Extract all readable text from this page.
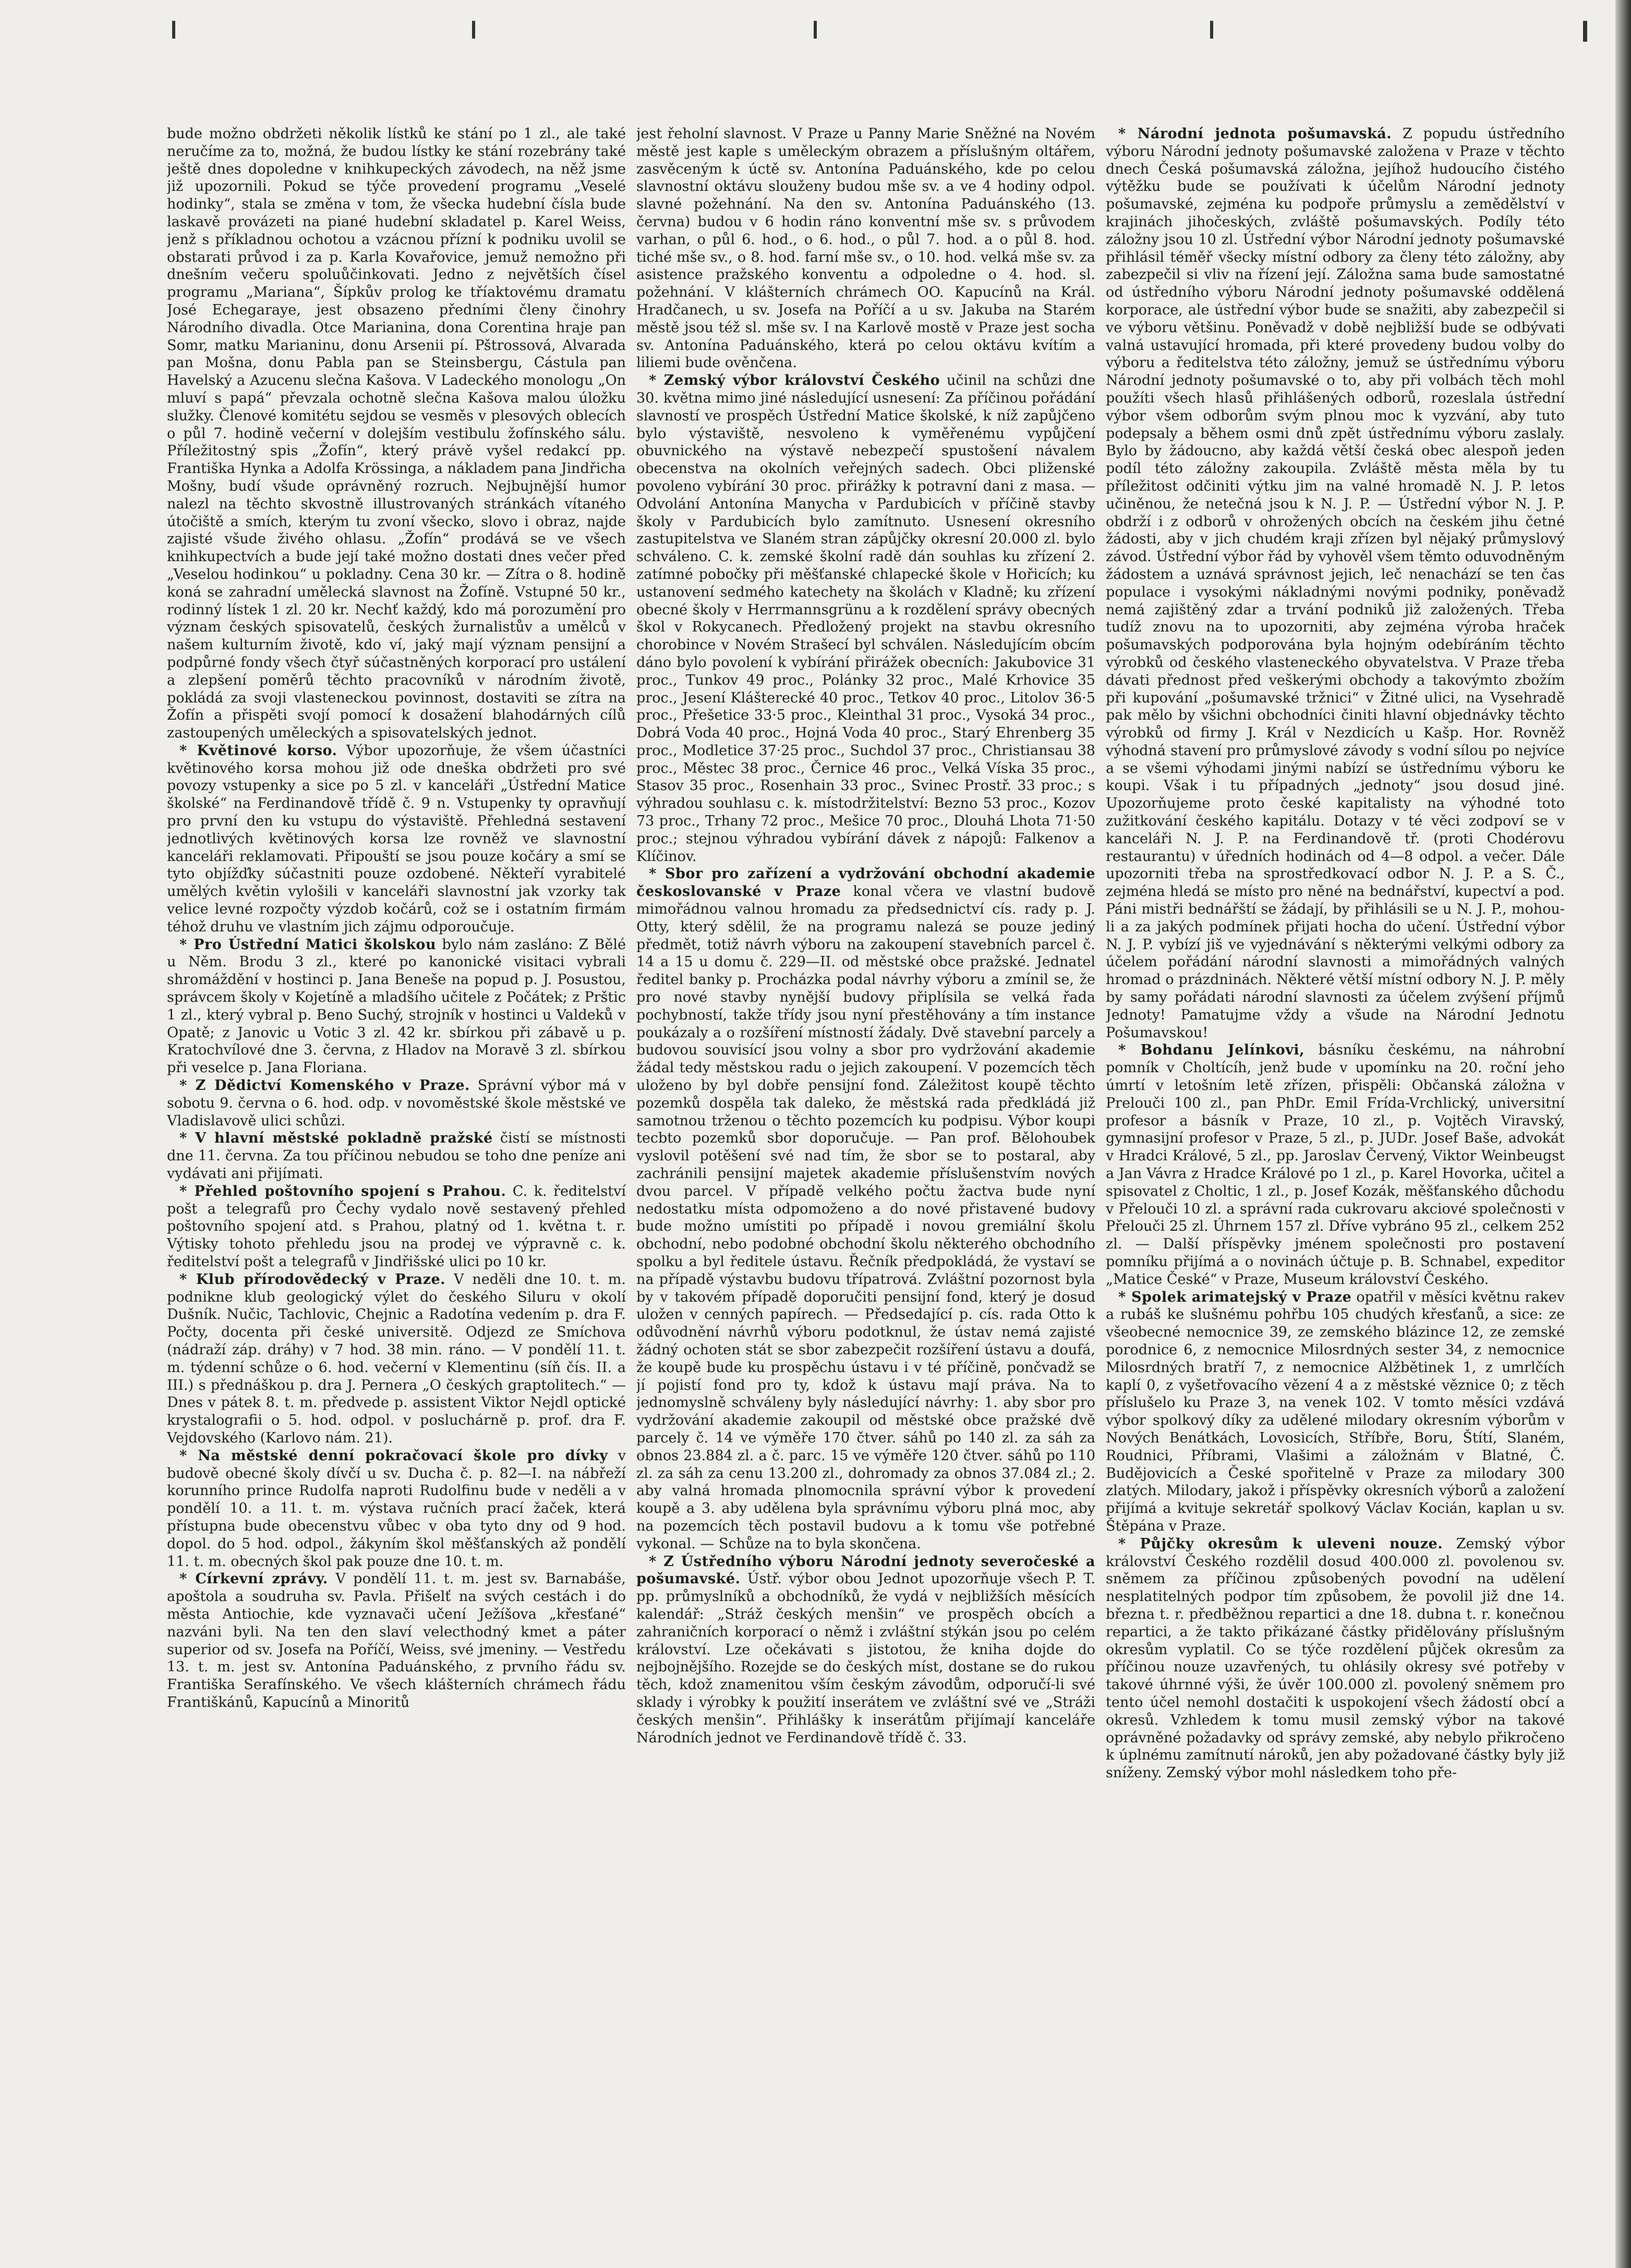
bude možno obdržeti několik lístků ke stání po 1 zl., ale také neručíme za to, možná, že budou lístky ke stání rozebrány také ještě dnes dopoledne v knihkupeckých závodech, na něž jsme již upozornili. Pokud se týče provedení programu „Veselé hodinky“, stala se změna v tom, že všecka hudební čísla bude laskavě provázeti na piané hudební skladatel p. Karel Weiss, jenž s příkladnou ochotou a vzácnou přízní k podniku uvolil se obstarati průvod i za p. Karla Kovařovice, jemuž nemožno při dnešním večeru spoluůčinkovati. Jedno z největších čísel programu „Mariana“, Šípkův prolog ke tříaktovému dramatu José Echegaraye, jest obsazeno předními členy činohry Národního divadla. Otce Marianina, dona Corentina hraje pan Somr, matku Marianinu, donu Arsenii pí. Pštrossová, Alvarada pan Mošna, donu Pabla pan se Steinsbergu, Cástula pan Havelský a Azucenu slečna Kašova. V Ladeckého monologu „On mluví s papá“ převzala ochotně slečna Kašova malou úložku služky. Členové komitétu sejdou se vesměs v plesových oblecích o půl 7. hodině večerní v dolejším vestibulu žofínského sálu. Příležitostný spis „Žofín“, který právě vyšel redakcí pp. Františka Hynka a Adolfa Krössinga, a nákladem pana Jindřicha Mošny, budí všude oprávněný rozruch. Nejbujnější humor nalezl na těchto skvostně illustrovaných stránkách vítaného útočiště a smích, kterým tu zvoní všecko, slovo i obraz, najde zajisté všude živého ohlasu. „Žofín“ prodává se ve všech knihkupectvích a bude její také možno dostati dnes večer před „Veselou hodinkou“ u pokladny. Cena 30 kr. — Zítra o 8. hodině koná se zahradní umělecká slavnost na Žofíně. Vstupné 50 kr., rodinný lístek 1 zl. 20 kr. Nechť každý, kdo má porozumění pro význam českých spisovatelů, českých žurnalistův a umělců v našem kulturním životě, kdo ví, jaký mají význam pensijní a podpůrné fondy všech čtyř súčastněných korporací pro ustálení a zlepšení poměrů těchto pracovníků v národním životě, pokládá za svoji vlasteneckou povinnost, dostaviti se zítra na Žofín a přispěti svojí pomocí k dosažení blahodárných cílů zastoupených uměleckých a spisovatelských jednot.

* Květinové korso. Výbor upozorňuje, že všem účastníci květinového korsa mohou již ode dneška obdržeti pro své povozy vstupenky a sice po 5 zl. v kanceláři „Ústřední Matice školské“ na Ferdinandově třídě č. 9 n. Vstupenky ty opravňují pro první den ku vstupu do výstaviště. Přehledná sestavení jednotlivých květinových korsa lze rovněž ve slavnostní kanceláři reklamovati. Připouští se jsou pouze kočáry a smí se tyto objížďky súčastniti pouze ozdobené. Někteří vyrabitelé umělých květin vylošili v kanceláři slavnostní jak vzorky tak velice levné rozpočty výzdob kočárů, což se i ostatním firmám téhož druhu ve vlastním jich zájmu odporoučuje.

* Pro Ústřední Matici školskou bylo nám zasláno: Z Bělé u Něm. Brodu 3 zl., které po kanonické visitaci vybrali shromáždění v hostinci p. Jana Beneše na popud p. J. Posustou, správcem školy v Kojetíně a mladšího učitele z Počátek; z Prštic 1 zl., který vybral p. Beno Suchý, strojník v hostinci u Valdeků v Opatě; z Janovic u Votic 3 zl. 42 kr. sbírkou při zábavě u p. Kratochvílové dne 3. června, z Hladov na Moravě 3 zl. sbírkou při veselce p. Jana Floriana.

* Z Dědictví Komenského v Praze. Správní výbor má v sobotu 9. června o 6. hod. odp. v novoměstské škole městské ve Vladislavově ulici schůzi.

* V hlavní městské pokladně pražské čistí se místnosti dne 11. června. Za tou příčinou nebudou se toho dne peníze ani vydávati ani přijímati.

* Přehled poštovního spojení s Prahou. C. k. ředitelství pošt a telegrafů pro Čechy vydalo nově sestavený přehled poštovního spojení atd. s Prahou, platný od 1. května t. r. Výtisky tohoto přehledu jsou na prodej ve výpravně c. k. ředitelství pošt a telegrafů v Jindřišské ulici po 10 kr.

* Klub přírodovědecký v Praze. V neděli dne 10. t. m. podnikne klub geologický výlet do českého Siluru v okolí Dušník. Nučic, Tachlovic, Chejnic a Radotína vedením p. dra F. Počty, docenta při české universitě. Odjezd ze Smíchova (nádraží záp. dráhy) v 7 hod. 38 min. ráno. — V pondělí 11. t. m. týdenní schůze o 6. hod. večerní v Klementinu (síň čís. II. a III.) s přednáškou p. dra J. Pernera „O českých graptolitech.“ — Dnes v pátek 8. t. m. předvede p. assistent Viktor Nejdl optické krystalografii o 5. hod. odpol. v posluchárně p. prof. dra F. Vejdovského (Karlovo nám. 21).

* Na městské denní pokračovací škole pro dívky v budově obecné školy dívčí u sv. Ducha č. p. 82—I. na nábřeží korunního prince Rudolfa naproti Rudolfinu bude v neděli a v pondělí 10. a 11. t. m. výstava ručních prací žaček, která přístupna bude obecenstvu vůbec v oba tyto dny od 9 hod. dopol. do 5 hod. odpol., žákyním škol měšťanských až pondělí 11. t. m. obecných škol pak pouze dne 10. t. m.

* Církevní zprávy. V pondělí 11. t. m. jest sv. Barnabáše, apoštola a soudruha sv. Pavla. Přišelť na svých cestách i do města Antiochie, kde vyznavači učení Ježíšova „křesťané“ nazváni byli. Na ten den slaví velecthodný kmet a páter superior od sv. Josefa na Poříčí, Weiss, své jmeniny. — Vestředu 13. t. m. jest sv. Antonína Paduánského, z prvního řádu sv. Františka Serafínského. Ve všech klášterních chrámech řádu Františkánů, Kapucínů a Minoritů

jest řeholní slavnost. V Praze u Panny Marie Sněžné na Novém městě jest kaple s uměleckým obrazem a příslušným oltářem, zasvěceným k úctě sv. Antonína Paduánského, kde po celou slavnostní oktávu slouženy budou mše sv. a ve 4 hodiny odpol. slavné požehnání. Na den sv. Antonína Paduánského (13. června) budou v 6 hodin ráno konventní mše sv. s průvodem varhan, o půl 6. hod., o 6. hod., o půl 7. hod. a o půl 8. hod. tiché mše sv., o 8. hod. farní mše sv., o 10. hod. velká mše sv. za asistence pražského konventu a odpoledne o 4. hod. sl. požehnání. V klášterních chrámech OO. Kapucínů na Král. Hradčanech, u sv. Josefa na Poříčí a u sv. Jakuba na Starém městě jsou též sl. mše sv. I na Karlově mostě v Praze jest socha sv. Antonína Paduánského, která po celou oktávu kvítím a liliemi bude ověnčena.

* Zemský výbor království Českého učinil na schůzi dne 30. května mimo jiné následující usnesení: Za příčinou pořádání slavností ve prospěch Ústřední Matice školské, k níž zapůjčeno bylo výstaviště, nesvoleno k vyměřenému vypůjčení obuvnického na výstavě nebezpečí spustošení návalem obecenstva na okolních veřejných sadech. Obci pliženské povoleno vybírání 30 proc. přirážky k potravní dani z masa. — Odvolání Antonína Manycha v Pardubicích v příčině stavby školy v Pardubicích bylo zamítnuto. Usnesení okresního zastupitelstva ve Slaném stran zápůjčky okresní 20.000 zl. bylo schváleno. C. k. zemské školní radě dán souhlas ku zřízení 2. zatímné pobočky při měšťanské chlapecké škole v Hořicích; ku ustanovení sedmého katechety na školách v Kladně; ku zřízení obecné školy v Herrmannsgrünu a k rozdělení správy obecných škol v Rokycanech. Předložený projekt na stavbu okresního chorobince v Novém Strašecí byl schválen. Následujícím obcím dáno bylo povolení k vybírání přirážek obecních: Jakubovice 31 proc., Tunkov 49 proc., Polánky 32 proc., Malé Krhovice 35 proc., Jesení Klášterecké 40 proc., Tetkov 40 proc., Litolov 36·5 proc., Přešetice 33·5 proc., Kleinthal 31 proc., Vysoká 34 proc., Dobrá Voda 40 proc., Hojná Voda 40 proc., Starý Ehrenberg 35 proc., Modletice 37·25 proc., Suchdol 37 proc., Christiansau 38 proc., Městec 38 proc., Černice 46 proc., Velká Víska 35 proc., Stasov 35 proc., Rosenhain 33 proc., Svinec Prostř. 33 proc.; s výhradou souhlasu c. k. místodržitelství: Bezno 53 proc., Kozov 73 proc., Trhany 72 proc., Mešice 70 proc., Dlouhá Lhota 71·50 proc.; stejnou výhradou vybírání dávek z nápojů: Falkenov a Klíčinov.

* Sbor pro zařízení a vydržování obchodní akademie českoslovanské v Praze konal včera ve vlastní budově mimořádnou valnou hromadu za předsednictví cís. rady p. J. Otty, který sdělil, že na programu nalezá se pouze jediný předmět, totiž návrh výboru na zakoupení stavebních parcel č. 14 a 15 u domu č. 229—II. od městské obce pražské. Jednatel ředitel banky p. Procházka podal návrhy výboru a zmínil se, že pro nové stavby nynější budovy připlísila se velká řada pochybností, takže třídy jsou nyní přestěhovány a tím instance poukázaly a o rozšíření místností žádaly. Dvě stavební parcely a budovou souvisící jsou volny a sbor pro vydržování akademie žádal tedy městskou radu o jejich zakoupení. V pozemcích těch uloženo by byl dobře pensijní fond. Záležitost koupě těchto pozemků dospěla tak daleko, že městská rada předkládá již samotnou trženou o těchto pozemcích ku podpisu. Výbor koupi tecbto pozemků sbor doporučuje. — Pan prof. Bělohoubek vyslovil potěšení své nad tím, že sbor se to postaral, aby zachránili pensijní majetek akademie příslušenstvím nových dvou parcel. V případě velkého počtu žactva bude nyní nedostatku místa odpomoženo a do nové přistavené budovy bude možno umístiti po případě i novou gremiální školu obchodní, nebo podobné obchodní školu některého obchodního spolku a byl ředitele ústavu. Řečník předpokládá, že vystaví se na případě výstavbu budovu třípatrová. Zvláštní pozornost byla by v takovém případě doporučiti pensijní fond, který je dosud uložen v cenných papírech. — Předsedající p. cís. rada Otto k odůvodnění návrhů výboru podotknul, že ústav nemá zajisté žádný ochoten stát se sbor zabezpečit rozšíření ústavu a doufá, že koupě bude ku prospěchu ústavu i v té příčině, pončvadž se jí pojistí fond pro ty, kdož k ústavu mají práva. Na to jednomyslně schváleny byly následující návrhy: 1. aby sbor pro vydržování akademie zakoupil od městské obce pražské dvě parcely č. 14 ve výměře 170 čtver. sáhů po 140 zl. za sáh za obnos 23.884 zl. a č. parc. 15 ve výměře 120 čtver. sáhů po 110 zl. za sáh za cenu 13.200 zl., dohromady za obnos 37.084 zl.; 2. aby valná hromada plnomocnila správní výbor k provedení koupě a 3. aby udělena byla správnímu výboru plná moc, aby na pozemcích těch postavil budovu a k tomu vše potřebné vykonal. — Schůze na to byla skončena.

* Z Ústředního výboru Národní jednoty severočeské a pošumavské. Ústř. výbor obou Jednot upozorňuje všech P. T. pp. průmyslníků a obchodníků, že vydá v nejbližších měsících kalendář: „Stráž českých menšin“ ve prospěch obcích a zahraničních korporací o němž i zvláštní stýkán jsou po celém království. Lze očekávati s jistotou, že kniha dojde do nejbojnějšího. Rozejde se do českých míst, dostane se do rukou těch, kdož znamenitou vším českým závodům, odporučí-li své sklady i výrobky k použití inserátem ve zvláštní své ve „Stráži českých menšin“. Přihlášky k inserátům přijímají kanceláře Národních jednot ve Ferdinandově třídě č. 33.

* Národní jednota pošumavská. Z popudu ústředního výboru Národní jednoty pošumavské založena v Praze v těchto dnech Česká pošumavská záložna, jejíhož hudoucího čistého výtěžku bude se používati k účelům Národní jednoty pošumavské, zejména ku podpoře průmyslu a zemědělství v krajinách jihočeských, zvláště pošumavských. Podíly této záložny jsou 10 zl. Ústřední výbor Národní jednoty pošumavské přihlásil téměř všecky místní odbory za členy této záložny, aby zabezpečil si vliv na řízení její. Záložna sama bude samostatné od ústředního výboru Národní jednoty pošumavské oddělená korporace, ale ústřední výbor bude se snažiti, aby zabezpečil si ve výboru většinu. Poněvadž v době nejbližší bude se odbývati valná ustavující hromada, při které provedeny budou volby do výboru a ředitelstva této záložny, jemuž se ústřednímu výboru Národní jednoty pošumavské o to, aby při volbách těch mohl použíti všech hlasů přihlášených odborů, rozeslala ústřední výbor všem odborům svým plnou moc k vyzvání, aby tuto podepsaly a během osmi dnů zpět ústřednímu výboru zaslaly. Bylo by žádoucno, aby každá větší česká obec alespoň jeden podíl této záložny zakoupila. Zvláště města měla by tu příležitost odčiniti výtku jim na valné hromadě N. J. P. letos učiněnou, že netečná jsou k N. J. P. — Ústřední výbor N. J. P. obdrží i z odborů v ohrožených obcích na českém jihu četné žádosti, aby v jich chudém kraji zřízen byl nějaký průmyslový závod. Ústřední výbor řád by vyhověl všem těmto oduvodněným žádostem a uznává správnost jejich, leč nenachází se ten čas populace i vysokými nákladnými novými podniky, poněvadž nemá zajištěný zdar a trvání podniků již založených. Třeba tudíž znovu na to upozorniti, aby zejména výroba hraček pošumavských podporována byla hojným odebíráním těchto výrobků od českého vlasteneckého obyvatelstva. V Praze třeba dávati přednost před veškerými obchody a takovýmto zbožím při kupování „pošumavské tržnici“ v Žitné ulici, na Vysehradě pak mělo by všichni obchodníci činiti hlavní objednávky těchto výrobků od firmy J. Král v Nezdicích u Kašp. Hor. Rovněž výhodná stavení pro průmyslové závody s vodní sílou po nejvíce a se všemi výhodami jinými nabízí se ústřednímu výboru ke koupi. Však i tu případných „jednoty“ jsou dosud jiné. Upozorňujeme proto české kapitalisty na výhodné toto zužitkování českého kapitálu. Dotazy v té věci zodpoví se v kanceláři N. J. P. na Ferdinandově tř. (proti Chodérovu restaurantu) v úředních hodinách od 4—8 odpol. a večer. Dále upozorniti třeba na sprostředkovací odbor N. J. P. a S. Č., zejména hledá se místo pro něné na bednářství, kupectví a pod. Páni mistři bednářští se žádají, by přihlásili se u N. J. P., mohou-li a za jakých podmínek přijati hocha do učení. Ústřední výbor N. J. P. vybízí jiš ve vyjednávání s některými velkými odbory za účelem pořádání národní slavnosti a mimořádných valných hromad o prázdninách. Některé větší místní odbory N. J. P. měly by samy pořádati národní slavnosti za účelem zvýšení příjmů Jednoty! Pamatujme vždy a všude na Národní Jednotu Pošumavskou!

* Bohdanu Jelínkovi, básníku českému, na náhrobní pomník v Choltícíh, jenž bude v upomínku na 20. roční jeho úmrtí v letošním letě zřízen, přispěli: Občanská záložna v Prelouči 100 zl., pan PhDr. Emil Frída-Vrchlický, universitní profesor a básník v Praze, 10 zl., p. Vojtěch Viravský, gymnasijní profesor v Praze, 5 zl., p. JUDr. Josef Baše, advokát v Hradci Králové, 5 zl., pp. Jaroslav Červený, Viktor Weinbeugst a Jan Vávra z Hradce Králové po 1 zl., p. Karel Hovorka, učitel a spisovatel z Choltic, 1 zl., p. Josef Kozák, měšťanského důchodu v Přelouči 10 zl. a správní rada cukrovaru akciové společnosti v Přelouči 25 zl. Úhrnem 157 zl. Dříve vybráno 95 zl., celkem 252 zl. — Další příspěvky jménem společnosti pro postavení pomníku přijímá a o novinách účtuje p. B. Schnabel, expeditor „Matice České“ v Praze, Museum království Českého.

* Spolek arimatejský v Praze opatřil v měsíci květnu rakev a rubáš ke slušnému pohřbu 105 chudých křesťanů, a sice: ze všeobecné nemocnice 39, ze zemského blázince 12, ze zemské porodnice 6, z nemocnice Milosrdných sester 34, z nemocnice Milosrdných bratří 7, z nemocnice Alžbětinek 1, z umrlčích kaplí 0, z vyšetřovacího vězení 4 a z městské věznice 0; z těch příslušelo ku Praze 3, na venek 102. V tomto měsíci vzdává výbor spolkový díky za udělené milodary okresním výborům v Nových Benátkách, Lovosicích, Stříbře, Boru, Štítí, Slaném, Roudnici, Příbrami, Vlašimi a záložnám v Blatné, Č. Budějovicích a České spořitelně v Praze za milodary 300 zlatých. Milodary, jakož i příspěvky okresních výborů a založení přijímá a kvituje sekretář spolkový Václav Kocián, kaplan u sv. Štěpána v Praze.

* Půjčky okresům k uleveni nouze. Zemský výbor království Českého rozdělil dosud 400.000 zl. povolenou sv. sněmem za příčinou způsobených povodní na udělení nesplatitelných podpor tím způsobem, že povolil již dne 14. března t. r. předběžnou repartici a dne 18. dubna t. r. konečnou repartici, a že takto přikázané částky přidělovány příslušným okresům vyplatil. Co se týče rozdělení půjček okresům za příčinou nouze uzavřených, tu ohlásily okresy své potřeby v takové úhrnné výši, že úvěr 100.000 zl. povolený sněmem pro tento účel nemohl dostačiti k uspokojení všech žádostí obcí a okresů. Vzhledem k tomu musil zemský výbor na takové oprávněné požadavky od správy zemské, aby nebylo přikročeno k úplnému zamítnutí nároků, jen aby požadované částky byly již sníženy. Zemský výbor mohl následkem toho pře-
